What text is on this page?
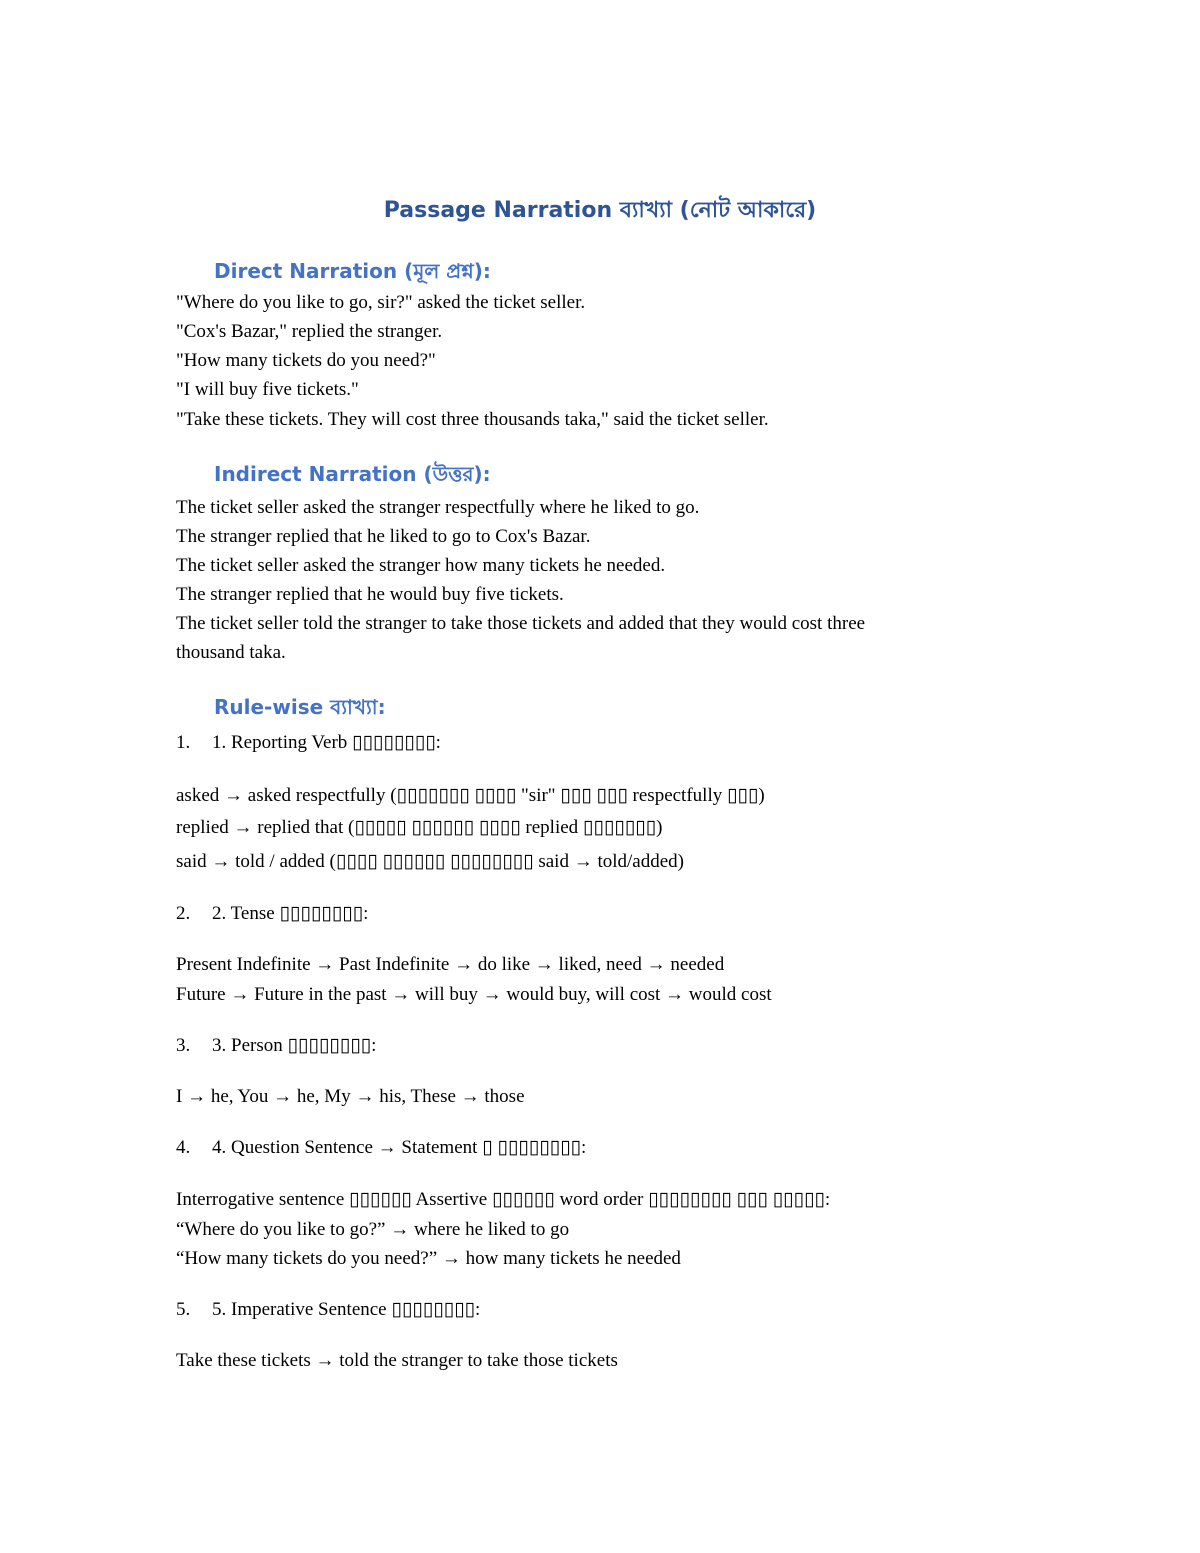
Passage Narration ব্যাখ্যা (নোট আকারে)
Direct Narration (মূল প্রশ্ন):
"Where do you like to go, sir?" asked the ticket seller.
"Cox's Bazar," replied the stranger.
"How many tickets do you need?"
"I will buy five tickets."
"Take these tickets. They will cost three thousands taka," said the ticket seller.
Indirect Narration (উত্তর):
The ticket seller asked the stranger respectfully where he liked to go.
The stranger replied that he liked to go to Cox's Bazar.
The ticket seller asked the stranger how many tickets he needed.
The stranger replied that he would buy five tickets.
The ticket seller told the stranger to take those tickets and added that they would cost three
thousand taka.
Rule-wise ব্যাখ্যা:
1. 1. Reporting Verb ▯▯▯▯▯▯▯▯:
asked → asked respectfully (▯▯▯▯▯▯▯ ▯▯▯▯ "sir" ▯▯▯ ▯▯▯ respectfully ▯▯▯)
replied → replied that (▯▯▯▯▯ ▯▯▯▯▯▯ ▯▯▯▯ replied ▯▯▯▯▯▯▯)
said → told / added (▯▯▯▯ ▯▯▯▯▯▯ ▯▯▯▯▯▯▯▯ said → told/added)
2. 2. Tense ▯▯▯▯▯▯▯▯:
Present Indefinite → Past Indefinite → do like → liked, need → needed
Future → Future in the past → will buy → would buy, will cost → would cost
3. 3. Person ▯▯▯▯▯▯▯▯:
I → he, You → he, My → his, These → those
4. 4. Question Sentence → Statement ▯ ▯▯▯▯▯▯▯▯:
Interrogative sentence ▯▯▯▯▯▯ Assertive ▯▯▯▯▯▯ word order ▯▯▯▯▯▯▯▯ ▯▯▯ ▯▯▯▯▯:
“Where do you like to go?” → where he liked to go
“How many tickets do you need?” → how many tickets he needed
5. 5. Imperative Sentence ▯▯▯▯▯▯▯▯:
Take these tickets → told the stranger to take those tickets
